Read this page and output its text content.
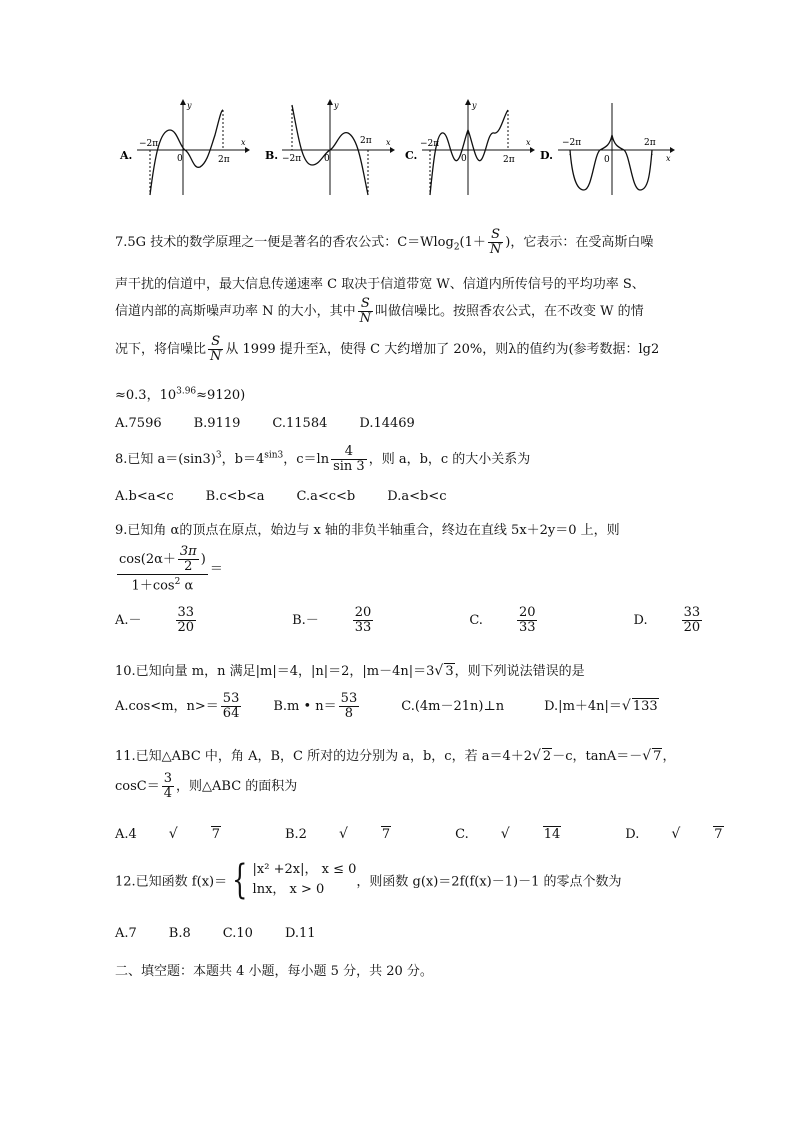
A.
−2π
2π
0
y
x
B. −2π
2π
0
y
x
C.
−2π
2π
0
y
x
D.
−2π	2π
0	x
7.5G 技术的数学原理之一便是著名的香农公式：$C=Wlog_2(1+ \frac{S}{N}$ )，它表示：在受高斯白噪
声干扰的信道中，最大信息传递速率 C 取决于信道带宽 W、信道内所传信号的平均功率 S、
信道内部的高斯噪声功率 N 的大小，其中 $\frac{S}{N}$ 叫做信噪比。按照香农公式，在不改变 W 的情
况下，将信噪比 $\frac{S}{N}$ 从 1999 提升至λ，使得 C 大约增加了 20%，则λ的值约为(参考数据：lg2
≈0.3，$10^{3.96}\approx 9120$)
A.7596 B.9119 C.11584 D.14469
8.已知 $a=(\sin 3)^3$，$b=4^{sin3}$，$c=\ln \frac{4}{\sin 3}$ ，则 a，b，c 的大小关系为
A.b<a<c B.c<b<a C.a<c<b D.a<b<c
9.已知角 α的顶点在原点，始边与 x 轴的非负半轴重合，终边在直线 5x＋2y＝0 上，则
$\frac{\cos(2\alpha+ \frac{3\pi}{2} )}{1+\cos^2 \alpha}$ ＝
A.－	$\frac{33}{20}$	B.－	$\frac{20}{33}$	C.	$\frac{20}{33}$	D.	$\frac{33}{20}$
10.已知向量 m，n 满足|m|＝4，|n|＝2，|m－4n|＝3√ 3，则下列说法错误的是
A.cos<m，$n>= \frac{53}{64} B.m$ • $n= \frac{53}{8}$	C.(4m－21n)⊥n	D.|m＋4n|＝√ 133
11.已知△ABC 中，角 A，B，C 所对的边分别为 a，b，c，若 a＝4＋2√ 2－c，tanA＝－√ 7，
$\cos C= \frac{3}{4}$ ，则△ABC 的面积为
A.4 √	7	B.2 √	7	C. √	14	D.√	7
12.已知函数 f(x)＝ { |x² +2x|， x ≤ 0
lnx， x > 0	，则函数 g(x)＝2f(f(x)－1)－1 的零点个数为
A.7 B.8 C.10 D.11
二、填空题：本题共 4 小题，每小题 5 分，共 20 分。
